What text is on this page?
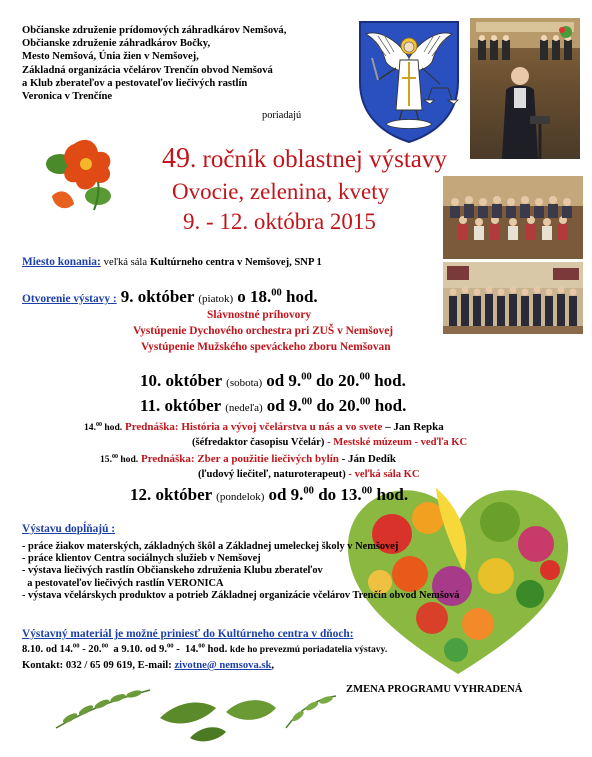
Občianske združenie prídomových záhradkárov Nemšová,
Občianske združenie záhradkárov Bočky,
Mesto Nemšová, Únia žien v Nemšovej,
Základná organizácia včelárov Trenčín obvod Nemšová
a Klub zberateľov a pestovateľov liečivých rastlín
Veronica v Trenčíne
poriadajú
49. ročník oblastnej výstavy
Ovocie, zelenina, kvety
9. - 12. októbra 2015
Miesto konania: veľká sála Kultúrneho centra v Nemšovej, SNP 1
Otvorenie výstavy : 9. október (piatok) o 18.00 hod.
Slávnostné príhovory
Vystúpenie Dychového orchestra pri ZUŠ v Nemšovej
Vystúpenie Mužského speváckeho zboru Nemšovan
10. október (sobota) od 9.00 do 20.00 hod.
11. október (nedeľa) od 9.00 do 20.00 hod.
14.00 hod. Prednáška: História a vývoj včelárstva u nás a vo svete – Jan Repka
(šéfredaktor časopisu Včelár) - Mestské múzeum - veďľa KC
15.00 hod. Prednáška: Zber a použitie liečivých bylín - Ján Dedík
(ľudový liečiteľ, naturoterapeut) - veľká sála KC
12. október (pondelok) od 9.00 do 13.00 hod.
Výstavu dopĺňajú :
- práce žiakov materských, základných škôl a Základnej umeleckej školy v Nemšovej
- práce klientov Centra sociálnych služieb v Nemšovej
- výstava liečivých rastlín Občianskeho združenia Klubu zberateľov
a pestovateľov liečivých rastlín VERONICA
- výstava včelárskych produktov a potrieb Základnej organizácie včelárov Trenčín obvod Nemšová
Výstavný materiál je možné priniesť do Kultúrneho centra v dňoch:
8.10. od 14.00 - 20.00  a 9.10. od 9.00 -  14.00 hod. kde ho prevezmú poriadatelia výstavy.
Kontakt: 032 / 65 09 619, E-mail: zivotne@ nemsova.sk,
ZMENA PROGRAMU VYHRADENÁ
